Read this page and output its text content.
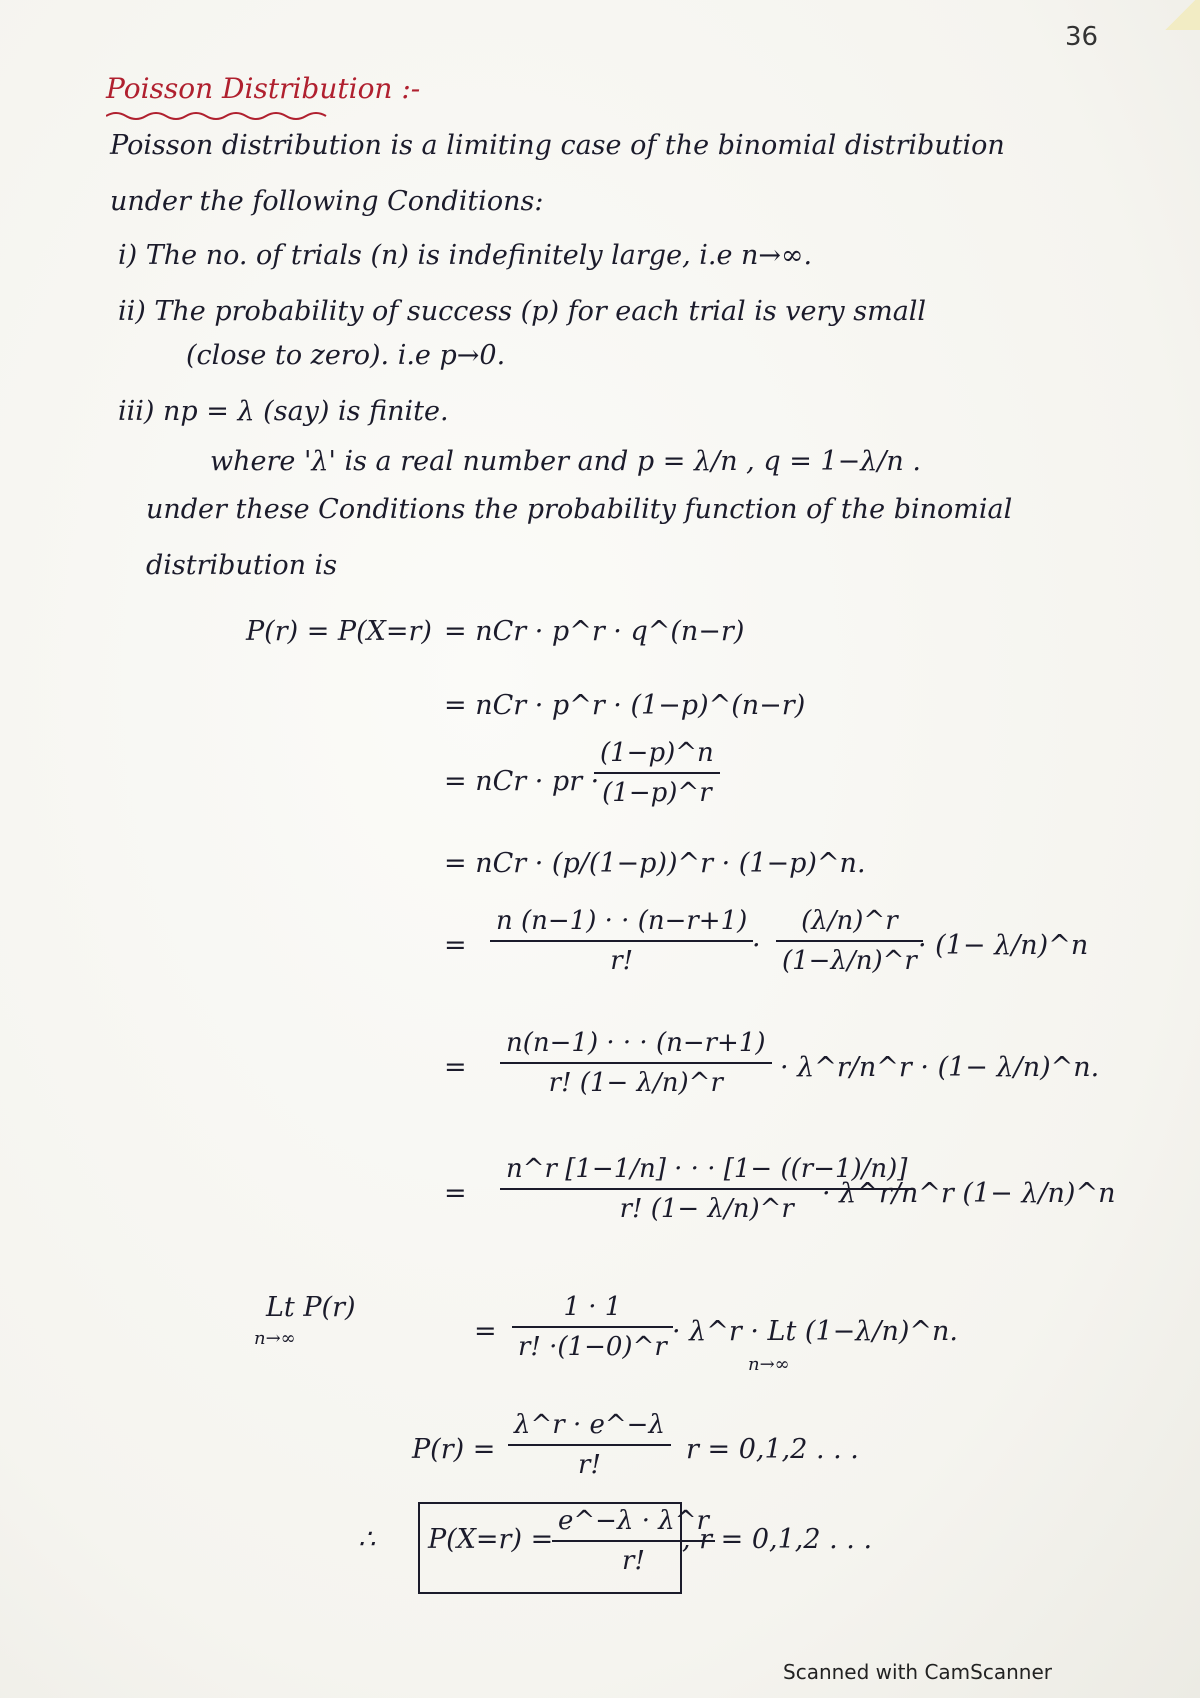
36
Poisson Distribution :-
Poisson distribution is a limiting case of the binomial distribution
under the following Conditions:
i) The no. of trials (n) is indefinitely large, i.e n→∞.
ii) The probability of success (p) for each trial is very small
(close to zero). i.e p→0.
iii) np = λ (say) is finite.
where 'λ' is a real number and p = λ/n , q = 1−λ/n .
under these Conditions the probability function of the binomial
distribution is
P(r) = P(X=r) = nCr · p^r · q^(n−r)
= nCr · p^r · (1−p)^(n−r)
= nCr · pr ·
$\frac{(1-p)\^{}n}{(1-p)\^{}r}$
= nCr · (p/(1−p))^r · (1−p)^n.
= $\frac{n (n-1) \cdot \cdot (n-r+1)}{r!}$
· $\frac{(\lambda/n)\^{}r}{(1-\lambda/n)\^{}r}$
· (1− λ/n)^n
= $\frac{n(n-1) \cdot \cdot \cdot (n-r+1)}{r! (1- \lambda/n)\^{}r}$ · λ^r/n^r · (1− λ/n)^n.
= $\frac{n\^{}r [1-1/n] \cdot \cdot \cdot [1- ((r-1)/n)]}{r! (1- \lambda/n)\^{}r}$
· λ^r/n^r (1− λ/n)^n
Lt P(r)
n→∞	= $\frac{1 \cdot 1}{r! \cdot(1-0)\^{}r}$ · λ^r · Lt (1−λ/n)^n.
n→∞
$P(r) = \frac{\lambda\^{}r \cdot e\^{}-\lambda}{r!}$ r = 0,1,2 . . .
∴ P(X=r) =
$\frac{e\^{}-\lambda \cdot \lambda\^{}r}{r!}$
, r = 0,1,2 . . .
Scanned with CamScanner
